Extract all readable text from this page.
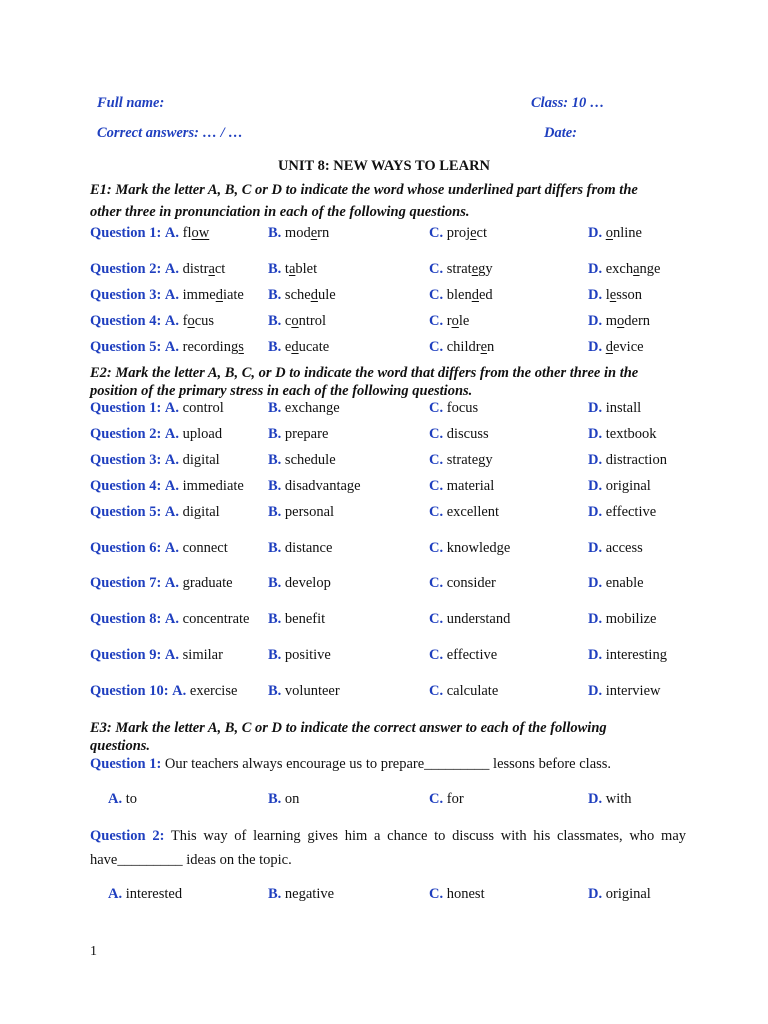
Full name:	Class: 10 …
Correct answers: … / …	Date:
UNIT 8: NEW WAYS TO LEARN
E1: Mark the letter A, B, C or D to indicate the word whose underlined part differs from the
other three in pronunciation in each of the following questions.
Question 1: A. flow	B. modern	C. project	D. online
Question 2: A. distract	B. tablet	C. strategy	D. exchange
Question 3: A. immediate B. schedule	C. blended	D. lesson
Question 4: A. focus	B. control	C. role	D. modern
Question 5: A. recordings B. educate	C. children	D. device
E2: Mark the letter A, B, C, or D to indicate the word that differs from the other three in the
position of the primary stress in each of the following questions.
Question 1: A. control	B. exchange	C. focus	D. install
Question 2: A. upload	B. prepare	C. discuss	D. textbook
Question 3: A. digital	B. schedule	C. strategy	D. distraction
Question 4: A. immediate B. disadvantage	C. material	D. original
Question 5: A. digital	B. personal	C. excellent	D. effective
Question 6: A. connect	B. distance	C. knowledge	D. access
Question 7: A. graduate B. develop	C. consider	D. enable
Question 8: A. concentrate B. benefit	C. understand	D. mobilize
Question 9: A. similar	B. positive	C. effective	D. interesting
Question 10: A. exercise B. volunteer	C. calculate	D. interview
E3: Mark the letter A, B, C or D to indicate the correct answer to each of the following
questions.
Question 1: Our teachers always encourage us to prepare_________ lessons before class.
A. to	B. on	C. for	D. with
Question 2: This way of learning gives him a chance to discuss with his classmates, who may have_________ ideas on the topic.
A. interested	B. negative	C. honest	D. original
1
